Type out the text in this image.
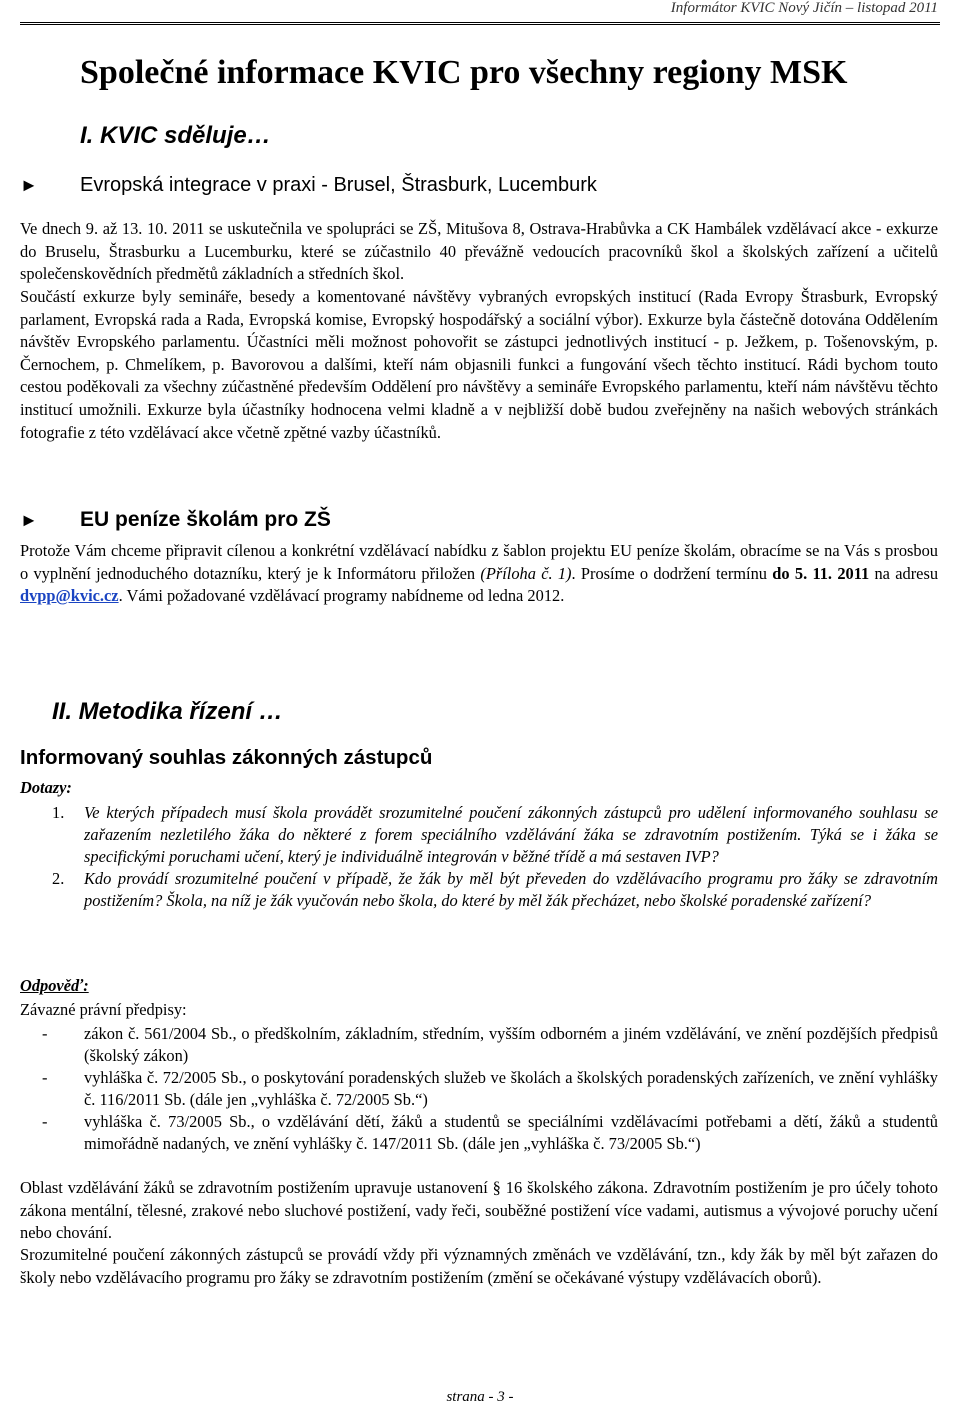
Informátor KVIC Nový Jičín – listopad 2011
Společné informace KVIC pro všechny regiony MSK
I. KVIC sděluje…
►	Evropská integrace v praxi - Brusel, Štrasburk, Lucemburk

Ve dnech 9. až 13. 10. 2011 se uskutečnila ve spolupráci se ZŠ, Mitušova 8, Ostrava-Hrabůvka a CK Hambálek vzdělávací akce - exkurze do Bruselu, Štrasburku a Lucemburku, které se zúčastnilo 40 převážně vedoucích pracovníků škol a školských zařízení a učitelů společenskovědních předmětů základních a středních škol.

Součástí exkurze byly semináře, besedy a komentované návštěvy vybraných evropských institucí (Rada Evropy Štrasburk, Evropský parlament, Evropská rada a Rada, Evropská komise, Evropský hospodářský a sociální výbor). Exkurze byla částečně dotována Oddělením návštěv Evropského parlamentu. Účastníci měli možnost pohovořit se zástupci jednotlivých institucí - p. Ježkem, p. Tošenovským, p. Černochem, p. Chmelíkem, p. Bavorovou a dalšími, kteří nám objasnili funkci a fungování všech těchto institucí. Rádi bychom touto cestou poděkovali za všechny zúčastněné především Oddělení pro návštěvy a semináře Evropského parlamentu, kteří nám návštěvu těchto institucí umožnili. Exkurze byla účastníky hodnocena velmi kladně a v nejbližší době budou zveřejněny na našich webových stránkách fotografie z této vzdělávací akce včetně zpětné vazby účastníků.

►	EU peníze školám pro ZŠ

Protože Vám chceme připravit cílenou a konkrétní vzdělávací nabídku z šablon projektu EU peníze školám, obracíme se na Vás s prosbou o vyplnění jednoduchého dotazníku, který je k Informátoru přiložen (Příloha č. 1). Prosíme o dodržení termínu do 5. 11. 2011 na adresu dvpp@kvic.cz. Vámi požadované vzdělávací programy nabídneme od ledna 2012.

II. Metodika řízení …
Informovaný souhlas zákonných zástupců
Dotazy:
1.	Ve kterých případech musí škola provádět srozumitelné poučení zákonných zástupců pro udělení informovaného souhlasu se zařazením nezletilého žáka do některé z forem speciálního vzdělávání žáka se zdravotním postižením. Týká se i žáka se specifickými poruchami učení, který je individuálně integrován v běžné třídě a má sestaven IVP?
2.	Kdo provádí srozumitelné poučení v případě, že žák by měl být převeden do vzdělávacího programu pro žáky se zdravotním postižením? Škola, na níž je žák vyučován nebo škola, do které by měl žák přecházet, nebo školské poradenské zařízení?
Odpověď:
Závazné právní předpisy:
-	zákon č. 561/2004 Sb., o předškolním, základním, středním, vyšším odborném a jiném vzdělávání, ve znění pozdějších předpisů (školský zákon)
-	vyhláška č. 72/2005 Sb., o poskytování poradenských služeb ve školách a školských poradenských zařízeních, ve znění vyhlášky č. 116/2011 Sb. (dále jen „vyhláška č. 72/2005 Sb.“)
-	vyhláška č. 73/2005 Sb., o vzdělávání dětí, žáků a studentů se speciálními vzdělávacími potřebami a dětí, žáků a studentů mimořádně nadaných, ve znění vyhlášky č. 147/2011 Sb. (dále jen „vyhláška č. 73/2005 Sb.“)

Oblast vzdělávání žáků se zdravotním postižením upravuje ustanovení § 16 školského zákona. Zdravotním postižením je pro účely tohoto zákona mentální, tělesné, zrakové nebo sluchové postižení, vady řeči, souběžné postižení více vadami, autismus a vývojové poruchy učení nebo chování.

Srozumitelné poučení zákonných zástupců se provádí vždy při významných změnách ve vzdělávání, tzn., kdy žák by měl být zařazen do školy nebo vzdělávacího programu pro žáky se zdravotním postižením (změní se očekávané výstupy vzdělávacích oborů).

strana - 3 -
